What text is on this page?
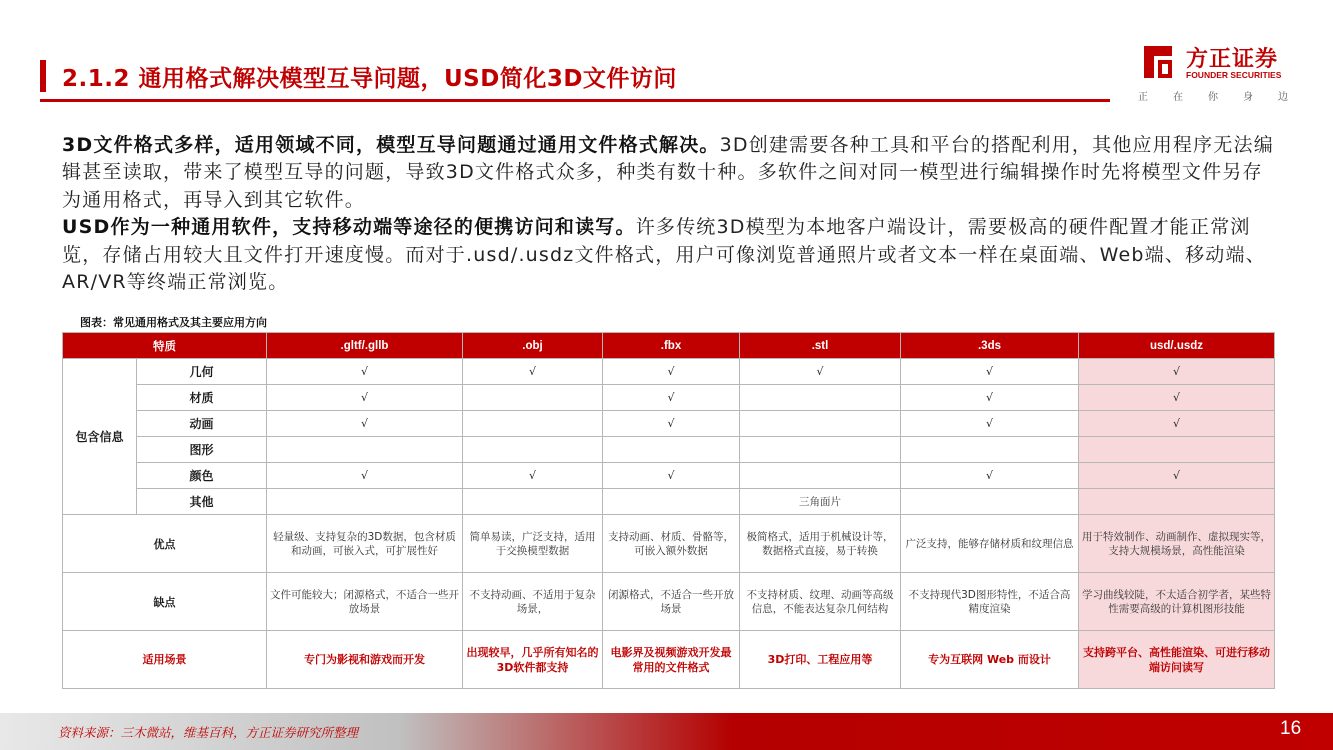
2.1.2 通用格式解决模型互导问题，USD简化3D文件访问
方正证券
FOUNDER SECURITIES
正	在	你	身	边

3D文件格式多样，适用领域不同，模型互导问题通过通用文件格式解决。3D创建需要各种工具和平台的搭配利用，其他应用程序无法编辑甚至读取，带来了模型互导的问题，导致3D文件格式众多，种类有数十种。多软件之间对同一模型进行编辑操作时先将模型文件另存为通用格式，再导入到其它软件。

USD作为一种通用软件，支持移动端等途径的便携访问和读写。许多传统3D模型为本地客户端设计，需要极高的硬件配置才能正常浏览，存储占用较大且文件打开速度慢。而对于.usd/.usdz文件格式，用户可像浏览普通照片或者文本一样在桌面端、Web端、移动端、AR/VR等终端正常浏览。

图表：常见通用格式及其主要应用方向
特质		.gltf/.gllb	.obj	.fbx	.stl	.3ds	usd/.usdz
包含信息	几何	√	√	√	√	√	√
	材质	√		√		√	√
	动画	√		√		√	√
	图形						
	颜色	√	√	√		√	√
	其他				三角面片		
优点		轻量级、支持复杂的3D数据，包含材质和动画，可嵌入式，可扩展性好	简单易读，广泛支持，适用于交换模型数据	支持动画、材质、骨骼等，可嵌入额外数据	极简格式，适用于机械设计等，数据格式直接，易于转换	广泛支持，能够存储材质和纹理信息	用于特效制作、动画制作、虚拟现实等，支持大规模场景，高性能渲染
缺点		文件可能较大；闭源格式，不适合一些开放场景	不支持动画、不适用于复杂场景，	闭源格式，不适合一些开放场景	不支持材质、纹理、动画等高级信息，不能表达复杂几何结构	不支持现代3D图形特性，不适合高精度渲染	学习曲线较陡，不太适合初学者，某些特性需要高级的计算机图形技能
适用场景		专门为影视和游戏而开发	出现较早，几乎所有知名的3D软件都支持	电影界及视频游戏开发最常用的文件格式	3D打印、工程应用等	专为互联网 Web 而设计	支持跨平台、高性能渲染、可进行移动端访问读写
资料来源：三木微站，维基百科，方正证券研究所整理	16
